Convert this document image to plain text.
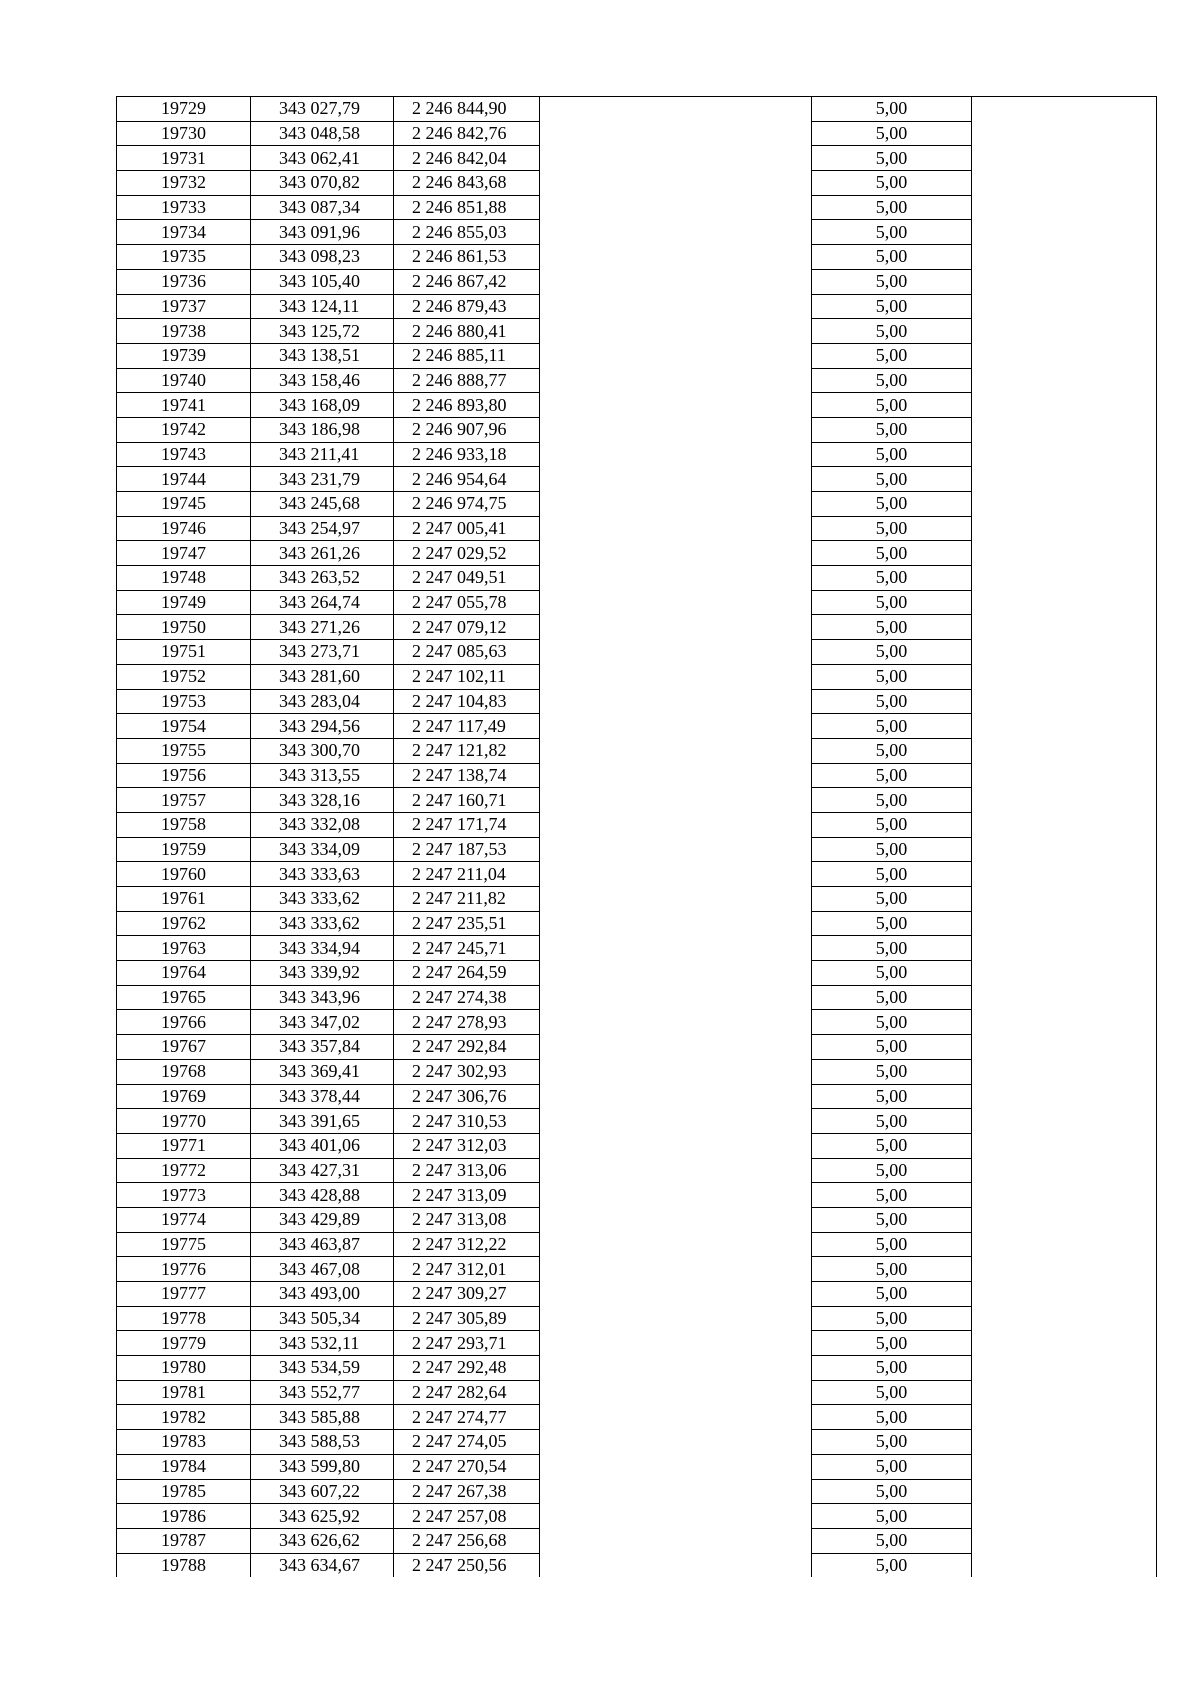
19729	343 027,79	2 246 844,90		5,00	
19730	343 048,58	2 246 842,76		5,00	
19731	343 062,41	2 246 842,04		5,00	
19732	343 070,82	2 246 843,68		5,00	
19733	343 087,34	2 246 851,88		5,00	
19734	343 091,96	2 246 855,03		5,00	
19735	343 098,23	2 246 861,53		5,00	
19736	343 105,40	2 246 867,42		5,00	
19737	343 124,11	2 246 879,43		5,00	
19738	343 125,72	2 246 880,41		5,00	
19739	343 138,51	2 246 885,11		5,00	
19740	343 158,46	2 246 888,77		5,00	
19741	343 168,09	2 246 893,80		5,00	
19742	343 186,98	2 246 907,96		5,00	
19743	343 211,41	2 246 933,18		5,00	
19744	343 231,79	2 246 954,64		5,00	
19745	343 245,68	2 246 974,75		5,00	
19746	343 254,97	2 247 005,41		5,00	
19747	343 261,26	2 247 029,52		5,00	
19748	343 263,52	2 247 049,51		5,00	
19749	343 264,74	2 247 055,78		5,00	
19750	343 271,26	2 247 079,12		5,00	
19751	343 273,71	2 247 085,63		5,00	
19752	343 281,60	2 247 102,11		5,00	
19753	343 283,04	2 247 104,83		5,00	
19754	343 294,56	2 247 117,49		5,00	
19755	343 300,70	2 247 121,82		5,00	
19756	343 313,55	2 247 138,74		5,00	
19757	343 328,16	2 247 160,71		5,00	
19758	343 332,08	2 247 171,74		5,00	
19759	343 334,09	2 247 187,53		5,00	
19760	343 333,63	2 247 211,04		5,00	
19761	343 333,62	2 247 211,82		5,00	
19762	343 333,62	2 247 235,51		5,00	
19763	343 334,94	2 247 245,71		5,00	
19764	343 339,92	2 247 264,59		5,00	
19765	343 343,96	2 247 274,38		5,00	
19766	343 347,02	2 247 278,93		5,00	
19767	343 357,84	2 247 292,84		5,00	
19768	343 369,41	2 247 302,93		5,00	
19769	343 378,44	2 247 306,76		5,00	
19770	343 391,65	2 247 310,53		5,00	
19771	343 401,06	2 247 312,03		5,00	
19772	343 427,31	2 247 313,06		5,00	
19773	343 428,88	2 247 313,09		5,00	
19774	343 429,89	2 247 313,08		5,00	
19775	343 463,87	2 247 312,22		5,00	
19776	343 467,08	2 247 312,01		5,00	
19777	343 493,00	2 247 309,27		5,00	
19778	343 505,34	2 247 305,89		5,00	
19779	343 532,11	2 247 293,71		5,00	
19780	343 534,59	2 247 292,48		5,00	
19781	343 552,77	2 247 282,64		5,00	
19782	343 585,88	2 247 274,77		5,00	
19783	343 588,53	2 247 274,05		5,00	
19784	343 599,80	2 247 270,54		5,00	
19785	343 607,22	2 247 267,38		5,00	
19786	343 625,92	2 247 257,08		5,00	
19787	343 626,62	2 247 256,68		5,00	
19788	343 634,67	2 247 250,56		5,00	
